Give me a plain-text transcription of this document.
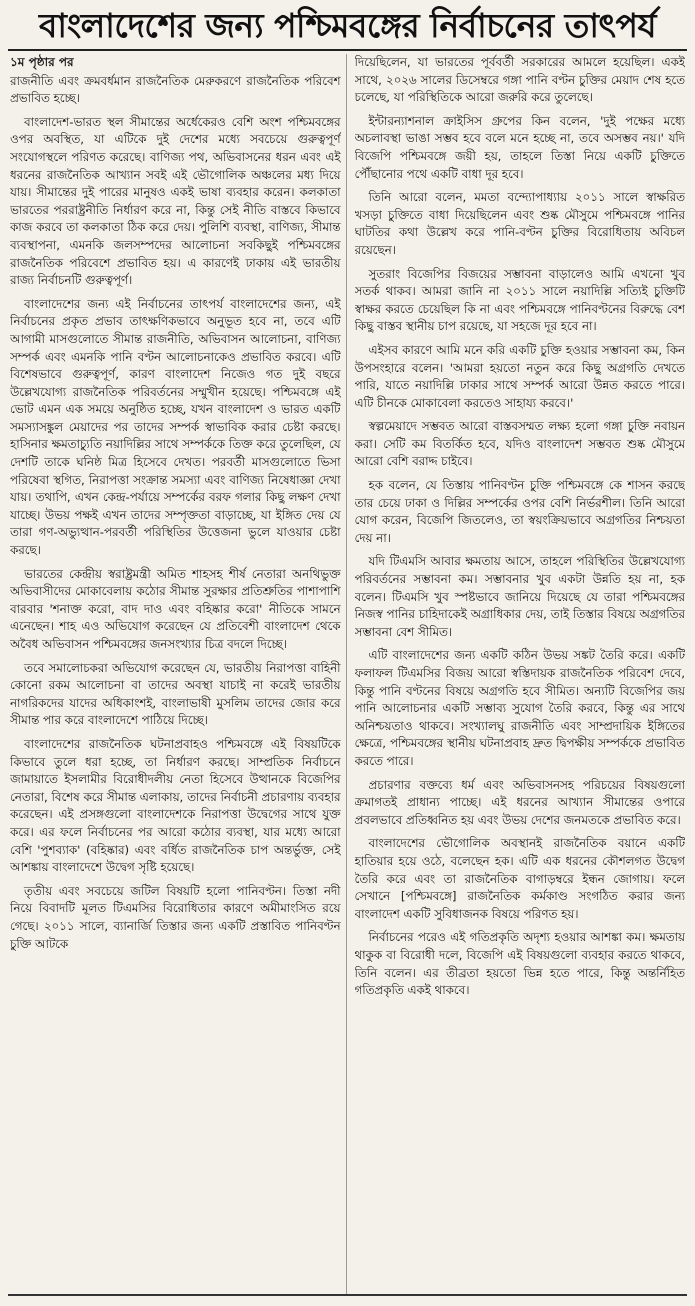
বাংলাদেশের জন্য পশ্চিমবঙ্গের নির্বাচনের তাৎপর্য
১ম পৃষ্ঠার পর

রাজনীতি এবং ক্রমবর্ধমান রাজনৈতিক মেরুকরণে রাজনৈতিক পরিবেশ প্রভাবিত হচ্ছে।

বাংলাদেশ-ভারত স্থল সীমান্তের অর্ধেকেরও বেশি অংশ পশ্চিমবঙ্গের ওপর অবস্থিত, যা এটিকে দুই দেশের মধ্যে সবচেয়ে গুরুত্বপূর্ণ সংযোগস্থলে পরিণত করেছে। বাণিজ্য পথ, অভিবাসনের ধরন এবং এই ধরনের রাজনৈতিক আখ্যান সবই এই ভৌগোলিক অঞ্চলের মধ্য দিয়ে যায়। সীমান্তের দুই পারের মানুষও একই ভাষা ব্যবহার করেন। কলকাতা ভারতের পররাষ্ট্রনীতি নির্ধারণ করে না, কিন্তু সেই নীতি বাস্তবে কিভাবে কাজ করবে তা কলকাতা ঠিক করে দেয়। পুলিশি ব্যবস্থা, বাণিজ্য, সীমান্ত ব্যবস্থাপনা, এমনকি জলসম্পদের আলোচনা সবকিছুই পশ্চিমবঙ্গের রাজনৈতিক পরিবেশে প্রভাবিত হয়। এ কারণেই ঢাকায় এই ভারতীয় রাজ্য নির্বাচনটি গুরুত্বপূর্ণ।

বাংলাদেশের জন্য এই নির্বাচনের তাৎপর্য বাংলাদেশের জন্য, এই নির্বাচনের প্রকৃত প্রভাব তাৎক্ষণিকভাবে অনুভূত হবে না, তবে এটি আগামী মাসগুলোতে সীমান্ত রাজনীতি, অভিবাসন আলোচনা, বাণিজ্য সম্পর্ক এবং এমনকি পানি বণ্টন আলোচনাকেও প্রভাবিত করবে। এটি বিশেষভাবে গুরুত্বপূর্ণ, কারণ বাংলাদেশ নিজেও গত দুই বছরে উল্লেখযোগ্য রাজনৈতিক পরিবর্তনের সম্মুখীন হয়েছে। পশ্চিমবঙ্গে এই ভোট এমন এক সময়ে অনুষ্ঠিত হচ্ছে, যখন বাংলাদেশ ও ভারত একটি সমস্যাসঙ্কুল মেয়াদের পর তাদের সম্পর্ক স্বাভাবিক করার চেষ্টা করছে। হাসিনার ক্ষমতাচ্যুতি নয়াদিল্লির সাথে সম্পর্ককে তিক্ত করে তুলেছিল, যে দেশটি তাকে ঘনিষ্ঠ মিত্র হিসেবে দেখত। পরবর্তী মাসগুলোতে ভিসা পরিষেবা স্থগিত, নিরাপত্তা সংক্রান্ত সমস্যা এবং বাণিজ্য নিষেধাজ্ঞা দেখা যায়। তথাপি, এখন কেন্দ্র-পর্যায়ে সম্পর্কের বরফ গলার কিছু লক্ষণ দেখা যাচ্ছে। উভয় পক্ষই এখন তাদের সম্পৃক্ততা বাড়াচ্ছে, যা ইঙ্গিত দেয় যে তারা গণ-অভ্যুত্থান-পরবর্তী পরিস্থিতির উত্তেজনা ভুলে যাওয়ার চেষ্টা করছে।

ভারতের কেন্দ্রীয় স্বরাষ্ট্রমন্ত্রী অমিত শাহসহ শীর্ষ নেতারা অনথিভুক্ত অভিবাসীদের মোকাবেলায় কঠোর সীমান্ত সুরক্ষার প্রতিশ্রুতির পাশাপাশি বারবার 'শনাক্ত করো, বাদ দাও এবং বহিষ্কার করো' নীতিকে সামনে এনেছেন। শাহ এও অভিযোগ করেছেন যে প্রতিবেশী বাংলাদেশ থেকে অবৈধ অভিবাসন পশ্চিমবঙ্গের জনসংখ্যার চিত্র বদলে দিচ্ছে।

তবে সমালোচকরা অভিযোগ করেছেন যে, ভারতীয় নিরাপত্তা বাহিনী কোনো রকম আলোচনা বা তাদের অবস্থা যাচাই না করেই ভারতীয় নাগরিকদের যাদের অধিকাংশই, বাংলাভাষী মুসলিম তাদের জোর করে সীমান্ত পার করে বাংলাদেশে পাঠিয়ে দিচ্ছে।

বাংলাদেশের রাজনৈতিক ঘটনাপ্রবাহও পশ্চিমবঙ্গে এই বিষয়টিকে কিভাবে তুলে ধরা হচ্ছে, তা নির্ধারণ করছে। সাম্প্রতিক নির্বাচনে জামায়াতে ইসলামীর বিরোধীদলীয় নেতা হিসেবে উত্থানকে বিজেপির নেতারা, বিশেষ করে সীমান্ত এলাকায়, তাদের নির্বাচনী প্রচারণায় ব্যবহার করেছেন। এই প্রসঙ্গগুলো বাংলাদেশকে নিরাপত্তা উদ্বেগের সাথে যুক্ত করে। এর ফলে নির্বাচনের পর আরো কঠোর ব্যবস্থা, যার মধ্যে আরো বেশি 'পুশব্যাক' (বহিষ্কার) এবং বর্ধিত রাজনৈতিক চাপ অন্তর্ভুক্ত, সেই আশঙ্কায় বাংলাদেশে উদ্বেগ সৃষ্টি হয়েছে।

তৃতীয় এবং সবচেয়ে জটিল বিষয়টি হলো পানিবণ্টন। তিস্তা নদী নিয়ে বিবাদটি মূলত টিএমসির বিরোধিতার কারণে অমীমাংসিত রয়ে গেছে। ২০১১ সালে, ব্যানার্জি তিস্তার জন্য একটি প্রস্তাবিত পানিবণ্টন চুক্তি আটকে

দিয়েছিলেন, যা ভারতের পূর্ববর্তী সরকারের আমলে হয়েছিল। একই সাথে, ২০২৬ সালের ডিসেম্বরে গঙ্গা পানি বণ্টন চুক্তির মেয়াদ শেষ হতে চলেছে, যা পরিস্থিতিকে আরো জরুরি করে তুলেছে।

ইন্টারন্যাশনাল ক্রাইসিস গ্রুপের কিন বলেন, 'দুই পক্ষের মধ্যে অচলাবস্থা ভাঙা সম্ভব হবে বলে মনে হচ্ছে না, তবে অসম্ভব নয়।' যদি বিজেপি পশ্চিমবঙ্গে জয়ী হয়, তাহলে তিস্তা নিয়ে একটি চুক্তিতে পৌঁছানোর পথে একটি বাধা দূর হবে।

তিনি আরো বলেন, মমতা বন্দ্যোপাধ্যায় ২০১১ সালে স্বাক্ষরিত খসড়া চুক্তিতে বাধা দিয়েছিলেন এবং শুষ্ক মৌসুমে পশ্চিমবঙ্গে পানির ঘাটতির কথা উল্লেখ করে পানি-বণ্টন চুক্তির বিরোধিতায় অবিচল রয়েছেন।

সুতরাং বিজেপির বিজয়ের সম্ভাবনা বাড়ালেও আমি এখনো খুব সতর্ক থাকব। আমরা জানি না ২০১১ সালে নয়াদিল্লি সত্যিই চুক্তিটি স্বাক্ষর করতে চেয়েছিল কি না এবং পশ্চিমবঙ্গে পানিবণ্টনের বিরুদ্ধে বেশ কিছু বাস্তব স্থানীয় চাপ রয়েছে, যা সহজে দূর হবে না।

এইসব কারণে আমি মনে করি একটি চুক্তি হওয়ার সম্ভাবনা কম, কিন উপসংহারে বলেন। 'আমরা হয়তো নতুন করে কিছু অগ্রগতি দেখতে পারি, যাতে নয়াদিল্লি ঢাকার সাথে সম্পর্ক আরো উন্নত করতে পারে। এটি চীনকে মোকাবেলা করতেও সাহায্য করবে।'

স্বল্পমেয়াদে সম্ভবত আরো বাস্তবসম্মত লক্ষ্য হলো গঙ্গা চুক্তি নবায়ন করা। সেটি কম বিতর্কিত হবে, যদিও বাংলাদেশ সম্ভবত শুষ্ক মৌসুমে আরো বেশি বরাদ্দ চাইবে।

হক বলেন, যে তিস্তায় পানিবণ্টন চুক্তি পশ্চিমবঙ্গে কে শাসন করছে তার চেয়ে ঢাকা ও দিল্লির সম্পর্কের ওপর বেশি নির্ভরশীল। তিনি আরো যোগ করেন, বিজেপি জিতলেও, তা স্বয়ংক্রিয়ভাবে অগ্রগতির নিশ্চয়তা দেয় না।

যদি টিএমসি আবার ক্ষমতায় আসে, তাহলে পরিস্থিতির উল্লেখযোগ্য পরিবর্তনের সম্ভাবনা কম। সম্ভাবনার খুব একটা উন্নতি হয় না, হক বলেন। টিএমসি খুব স্পষ্টভাবে জানিয়ে দিয়েছে যে তারা পশ্চিমবঙ্গের নিজস্ব পানির চাহিদাকেই অগ্রাধিকার দেয়, তাই তিস্তার বিষয়ে অগ্রগতির সম্ভাবনা বেশ সীমিত।

এটি বাংলাদেশের জন্য একটি কঠিন উভয় সঙ্কট তৈরি করে। একটি ফলাফল টিএমসির বিজয় আরো স্বস্তিদায়ক রাজনৈতিক পরিবেশ দেবে, কিন্তু পানি বণ্টনের বিষয়ে অগ্রগতি হবে সীমিত। অন্যটি বিজেপির জয় পানি আলোচনার একটি সম্ভাব্য সুযোগ তৈরি করবে, কিন্তু এর সাথে অনিশ্চয়তাও থাকবে। সংখ্যালঘু রাজনীতি এবং সাম্প্রদায়িক ইঙ্গিতের ক্ষেত্রে, পশ্চিমবঙ্গের স্থানীয় ঘটনাপ্রবাহ দ্রুত দ্বিপক্ষীয় সম্পর্ককে প্রভাবিত করতে পারে।

প্রচারণার বক্তব্যে ধর্ম এবং অভিবাসনসহ পরিচয়ের বিষয়গুলো ক্রমাগতই প্রাধান্য পাচ্ছে। এই ধরনের আখ্যান সীমান্তের ওপারে প্রবলভাবে প্রতিধ্বনিত হয় এবং উভয় দেশের জনমতকে প্রভাবিত করে।

বাংলাদেশের ভৌগোলিক অবস্থানই রাজনৈতিক বয়ানে একটি হাতিয়ার হয়ে ওঠে, বলেছেন হক। এটি এক ধরনের কৌশলগত উদ্বেগ তৈরি করে এবং তা রাজনৈতিক বাগাড়ম্বরে ইন্ধন জোগায়। ফলে সেখানে [পশ্চিমবঙ্গে] রাজনৈতিক কর্মকাণ্ড সংগঠিত করার জন্য বাংলাদেশ একটি সুবিধাজনক বিষয়ে পরিণত হয়।

নির্বাচনের পরেও এই গতিপ্রকৃতি অদৃশ্য হওয়ার আশঙ্কা কম। ক্ষমতায় থাকুক বা বিরোধী দলে, বিজেপি এই বিষয়গুলো ব্যবহার করতে থাকবে, তিনি বলেন। এর তীব্রতা হয়তো ভিন্ন হতে পারে, কিন্তু অন্তর্নিহিত গতিপ্রকৃতি একই থাকবে।
